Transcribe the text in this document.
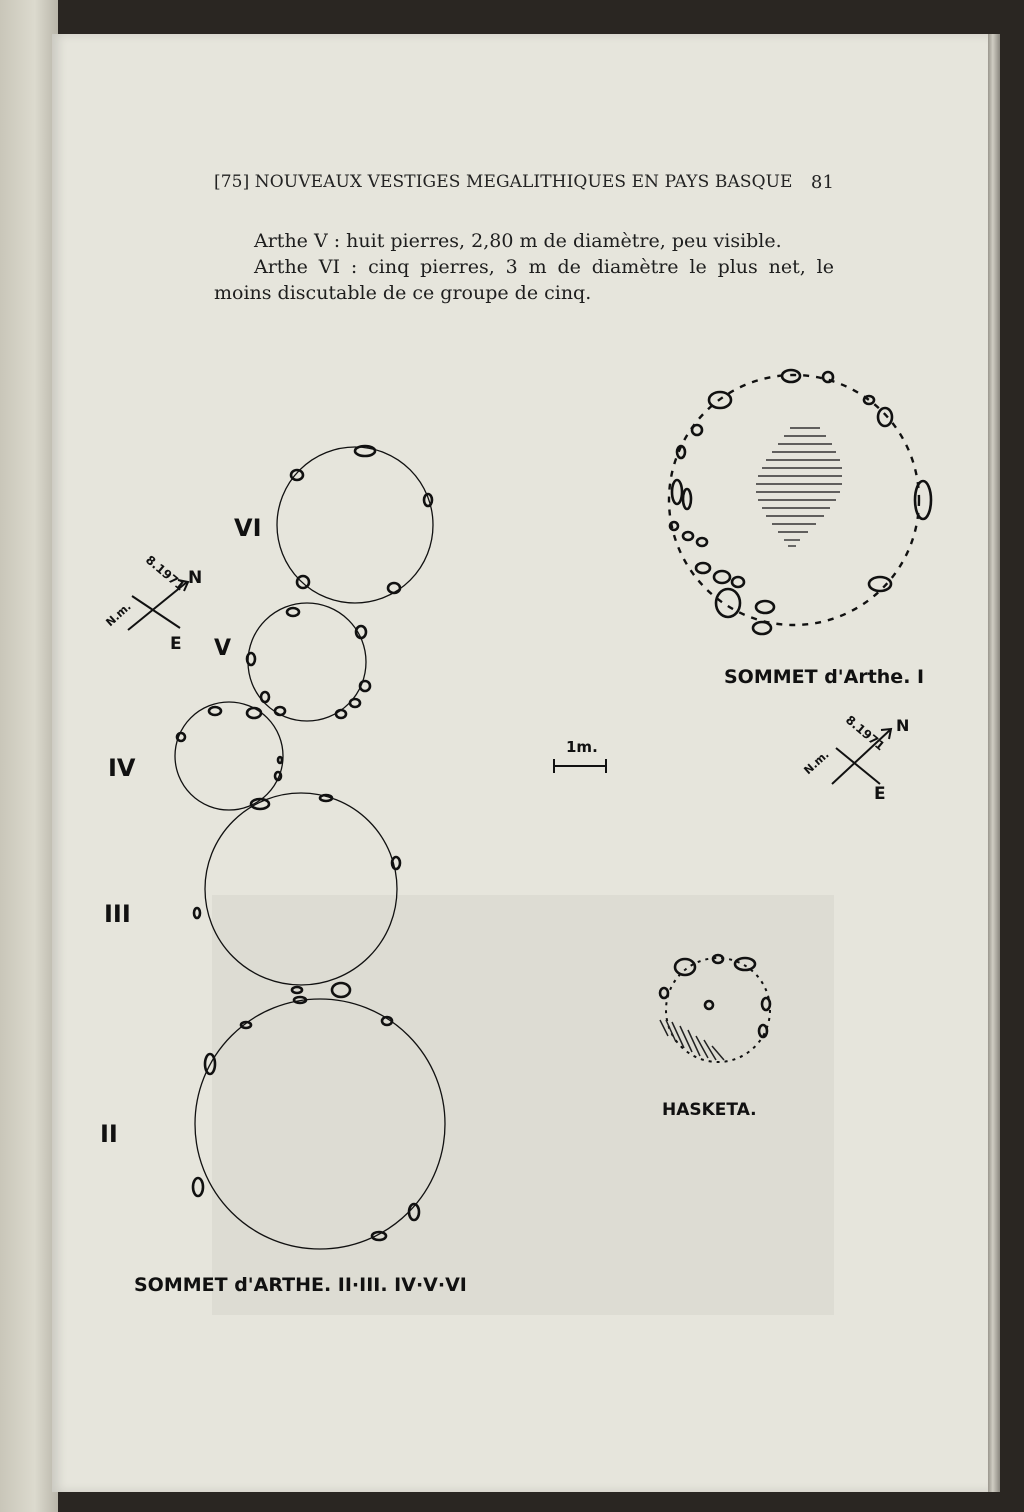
[75] NOUVEAUX VESTIGES MEGALITHIQUES EN PAYS BASQUE 81
Arthe V : huit pierres, 2,80 m de diamètre, peu visible.
Arthe VI : cinq pierres, 3 m de diamètre le plus net, le moins discutable de ce groupe de cinq.
VI
V
IV
III
II
N
E
N.m.
8.1971
1m.
SOMMET d'Arthe. I
N
E
N.m.
8.1971
HASKETA.
SOMMET d'ARTHE. II·III. IV·V·VI
